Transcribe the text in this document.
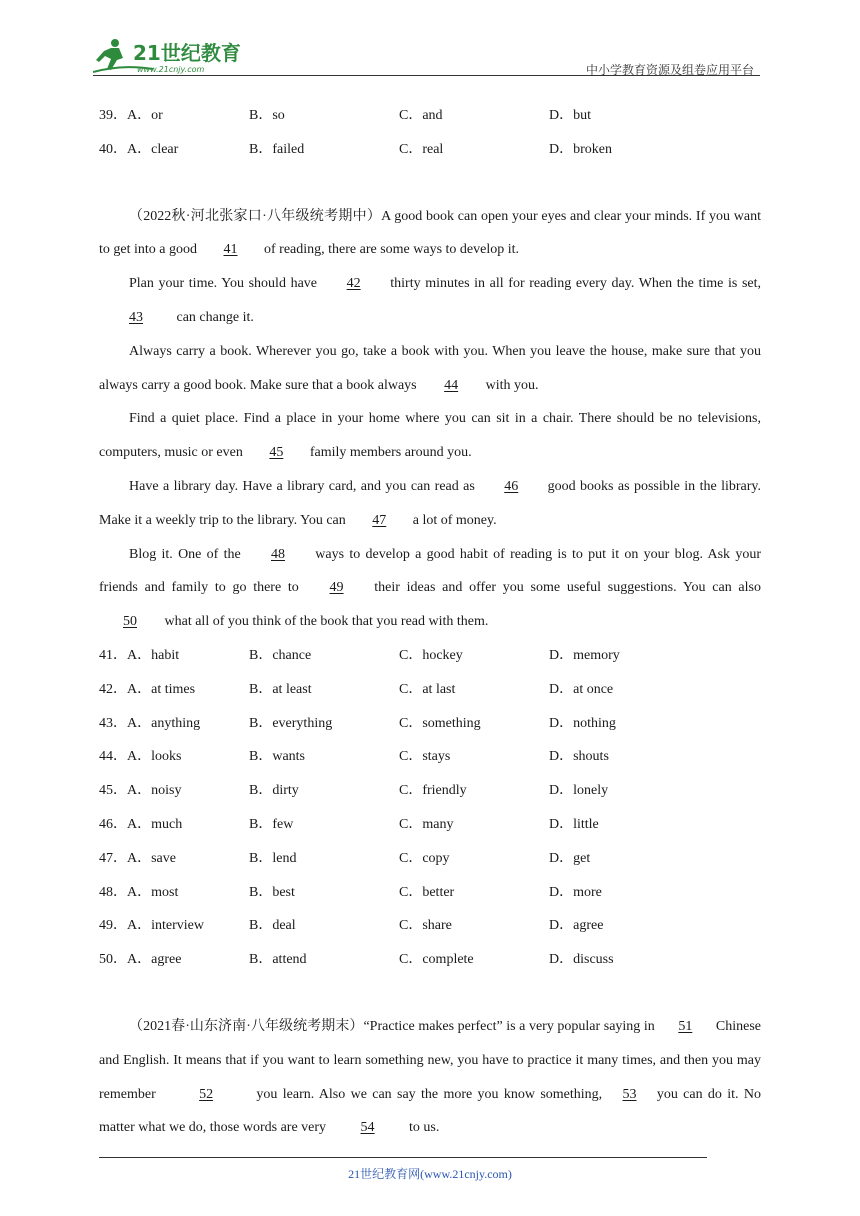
21世纪教育
www.21cnjy.com	中小学教育资源及组卷应用平台
39．A．or	B．so	C．and	D．but
40．A．clear	B．failed	C．real	D．broken

（2022秋·河北张家口·八年级统考期中）A good book can open your eyes and clear your minds. If you want to get into a good 41 of reading, there are some ways to develop it.

Plan your time. You should have 42 thirty minutes in all for reading every day. When the time is set, 43 can change it.

Always carry a book. Wherever you go, take a book with you. When you leave the house, make sure that you always carry a good book. Make sure that a book always 44 with you.

Find a quiet place. Find a place in your home where you can sit in a chair. There should be no televisions, computers, music or even 45 family members around you.

Have a library day. Have a library card, and you can read as 46 good books as possible in the library. Make it a weekly trip to the library. You can 47 a lot of money.

Blog it. One of the 48 ways to develop a good habit of reading is to put it on your blog. Ask your friends and family to go there to 49 their ideas and offer you some useful suggestions. You can also 50 what all of you think of the book that you read with them.

41．A．habit	B．chance	C．hockey	D．memory
42．A．at times	B．at least	C．at last	D．at once
43．A．anything	B．everything	C．something	D．nothing
44．A．looks	B．wants	C．stays	D．shouts
45．A．noisy	B．dirty	C．friendly	D．lonely
46．A．much	B．few	C．many	D．little
47．A．save	B．lend	C．copy	D．get
48．A．most	B．best	C．better	D．more
49．A．interview	B．deal	C．share	D．agree
50．A．agree	B．attend	C．complete	D．discuss

（2021春·山东济南·八年级统考期末）“Practice makes perfect” is a very popular saying in 51 Chinese and English. It means that if you want to learn something new, you have to practice it many times, and then you may remember	52	you learn. Also we can say the more you know something, 53 you can do it. No matter what we do, those words are very 54 to us.

21世纪教育网(www.21cnjy.com)
